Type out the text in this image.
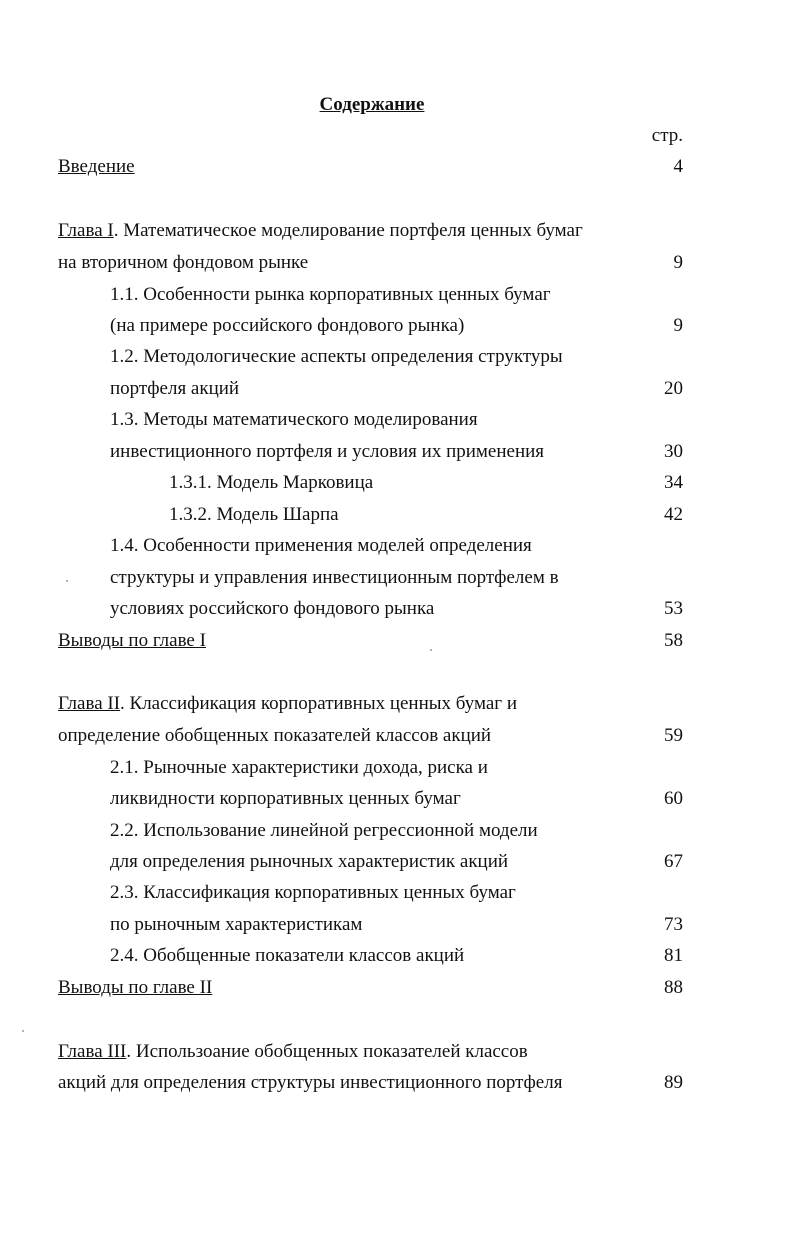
Содержание
стр.
Введение	4
Глава I. Математическое моделирование портфеля ценных бумаг
на вторичном фондовом рынке	9
1.1. Особенности рынка корпоративных ценных бумаг
(на примере российского фондового рынка)	9
1.2. Методологические аспекты определения структуры
портфеля акций	20
1.3. Методы математического моделирования
инвестиционного портфеля и условия их применения	30
1.3.1. Модель Марковица	34
1.3.2. Модель Шарпа	42
1.4. Особенности применения моделей определения
структуры и управления инвестиционным портфелем в
условиях российского фондового рынка	53
Выводы по главе I	58
Глава II. Классификация корпоративных ценных бумаг и
определение обобщенных показателей классов акций	59
2.1. Рыночные характеристики дохода, риска и
ликвидности корпоративных ценных бумаг	60
2.2. Использование линейной регрессионной модели
для определения рыночных характеристик акций	67
2.3. Классификация корпоративных ценных бумаг
по рыночным характеристикам	73
2.4. Обобщенные показатели классов акций	81
Выводы по главе II	88
Глава III. Использоание обобщенных показателей классов
акций для определения структуры инвестиционного портфеля	89
